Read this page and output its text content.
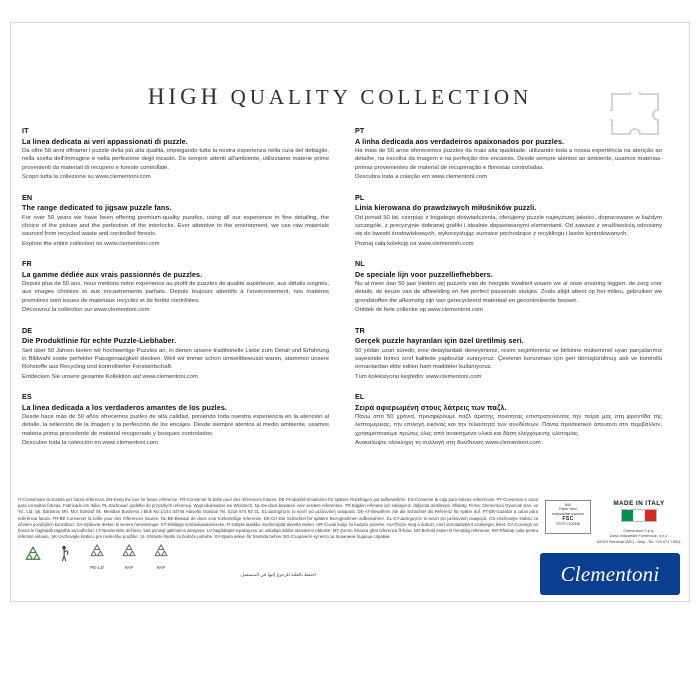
HIGH QUALITY COLLECTION
IT
La linea dedicata ai veri appassionati di puzzle.
Da oltre 50 anni offriamo i puzzle della più alta qualità, impiegando tutta la nostra esperienza nella cura del dettaglio, nella scelta dell'immagine e nella perfezione degli incastri. Da sempre attenti all'ambiente, utilizziamo materie prime provenienti da materiali di recupero e foreste controllate.
Scopri tutta la collezione su www.clementoni.com
EN
The range dedicated to jigsaw puzzle fans.
For over 50 years we have been offering premium-quality puzzles, using all our experience in fine detailing, the choice of the picture and the perfection of the interlocks. Ever attentive to the environment, we use raw materials sourced from recycled waste and controlled forests.
Explore the entire collection on www.clementoni.com
FR
La gamme dédiée aux vrais passionnés de puzzles.
Depuis plus de 50 ans, nous mettons notre expérience au profit de puzzles de qualité supérieure, aux détails soignés, aux images choisies et aux encastrements parfaits. Depuis toujours attentifs à l'environnement, nos matières premières sont issues de matériaux recyclés et de forêts contrôlées.
Découvrez la collection sur www.clementoni.com
DE
Die Produktlinie für echte Puzzle-Liebhaber.
Seit über 50 Jahren bieten wir hochwertige Puzzles an, in denen unsere traditionelle Liebe zum Detail und Erfahrung in Bildwahl sowie perfekter Passgenauigkeit stecken. Weil wir immer schon umweltbewusst waren, stammen unsere Rohstoffe aus Recycling und kontrollierter Forstwirtschaft.
Entdecken Sie unsere gesamte Kollektion auf www.clementoni.com
ES
La línea dedicada a los verdaderos amantes de los puzles.
Desde hace más de 50 años ofrecemos puzles de alta calidad, poniendo toda nuestra experiencia en la atención al detalle, la selección de la imagen y la perfección de los encajes. Desde siempre atentos al medio ambiente, usamos materia prima procedente de material recuperado y bosques controlados.
Descubre toda la colección en www.clementoni.com
PT
A linha dedicada aos verdadeiros apaixonados por puzzles.
Há mais de 50 anos oferecemos puzzles da mais alta qualidade, utilizando toda a nossa experiência na atenção ao detalhe, na escolha da imagem e na perfeição dos encaixes. Desde sempre atentos ao ambiente, usamos matérias-primas provenientes de material de recuperação e florestas controladas.
Descubra toda a coleção em www.clementoni.com
PL
Linia kierowana do prawdziwych miłośników puzzli.
Od ponad 50 lat, czerpiąc z bogatego doświadczenia, oferujemy puzzle najwyższej jakości, dopracowane w każdym szczególe, z precyzyjnie dobranej grafiki i idealnie dopasowanymi elementami. Od zawsze z wrażliwością odnosimy się do kwestii środowiskowych, wykorzystując surowce pochodzące z recyklingu i lasów kontrolowanych.
Poznaj całą kolekcję na www.clementoni.com
NL
De speciale lijn voor puzzelliefhebbers.
Nu al meer dan 50 jaar bieden wij puzzels van de hoogste kwaliteit waarin we al onze ervaring leggen: de zorg voor details, de keuze van de afbeelding en het perfect passende stukjes. Zoals altijd attent op het milieu, gebruiken we grondstoffen die afkomstig zijn van gerecycleerd materiaal en gecontroleerde bossen.
Ontdek de hele collectie op www.clementoni.com
TR
Gerçek puzzle hayranları için özel üretilmiş seri.
50 yıldan uzun süredir, ince detaylardaki deneyimimiz, resim seçimlerimiz ve birbirine mükemmel uyan parçalarımız sayesinde birinci sınıf kalitede yapbozlar sunuyoruz. Çevrenin korunması için geri dönüştürülmüş atık ve kontrollü ormanlardan elde edilen ham maddeler kullanıyoruz.
Tüm koleksiyonu keşfedin: www.clementoni.com
EL
Σειρά αφιερωμένη στους λάτρεις των παζλ.
Πάνω από 50 χρόνια, προσφέρουμε παζλ άριστης ποιότητας επιστρατεύοντας την πείρα μας στη φροντίδα της λεπτομέρειας, την επιλογή εικόνας και την τελειότητα των συνδέσεων. Πάντα προσεκτικοί απέναντι στο περιβάλλον, χρησιμοποιούμε πρώτες ύλες από ανακτημένα υλικά και δάση ελεγχόμενης υλοτομίας.
Ανακαλύψτε ολόκληρη τη συλλογή στη διεύθυνση www.clementoni.com
IT-Conservare la scatola per futura referenza. EN-Keep the box for future reference. FR-Conserver la boîte pour des références futures. DE-Produktinformationen für spätere Rückfragen gut aufbewahren. ES-Conserve la caja para futuras referencias. PT-Conservar a caixa para consultas futuras. Fabricado em Itália. PL-Zachować pudełko do przyszłych referencji. Wyprodukowano we Włoszech. NL-De doos bewaren voor verdere referenties. TR-Bilgileri referans için saklayınız. İtalya'da üretilmiştir. İthalatçı Firma: Clementoni Oyuncak San. ve Tic. Ltd. Şti. Barbaros Mh. Mor Sümbül Sk. Meridian Business I Blok No:1/144 34746 Ataşehir İstanbul Tel. 0216 574 93 31. EL-Διατηρήστε το κουτί για μελλοντική αναφορά. DE-AT-Bewahren Sie die Schachtel als Referenz für später auf. FT-BR-Guardar a caixa para referência futura. FR-BE-Conserver la boîte pour des références futures. NL-BE-Bewaar de doos voor toekomstige referentie. DE-CH-Die Schachtel für spätere Bezugnahmen aufbewahren. EL-CY-Διατηρήστε το κουτί για μελλοντική αναφορά. CS-Uschovejte krabici za účelem pozdějších konzultací. DA-Opbevar æsken til senere henvisninger. ET-Säilitage korduvkasutamiseks. FI-Säilytä laatikko myöhempää tarvetta varten. HR-Čuvati kutiju za buduće potrebe. HU-Őrizze meg a dobozt, mert útmutatásként szükséges lehet. GA-Coinnigh an bosca le haghaidh tagartha sa todhchaí. LT-Nesiremkite dėžutės, kad pirmieji galimiems atvejams. LV-Saglabājiet iepakojumu un valodaja atbilst atsauksmi nākotnē. MT-Żomm il-kaxxa għal referenza fil-futur. NO-Behold esken til fremtidig referanse. RO-Păstrați cutia pentru referințe viitoare. SK-Uschovajte krabicu pre neskoršie použitie. SL-Shranite škatlo za bodoče potrebe. SV-Spara asken för framtida behov. BG-Съхранете кутията за възможни бъдещи справки.
احتفظ بالعلبة للرجوع إليها في المستقبل.
PE-LD	PAP	PAP
MIX
Paper from
responsible sources
FSC
FSC® C100338
MADE IN ITALY
Clementoni S.p.A.
Zona Industriale Fontenoce, s.n.c.
62019 Recanati (MC) - Italy - Tel. +39 071 75811
Clementoni
